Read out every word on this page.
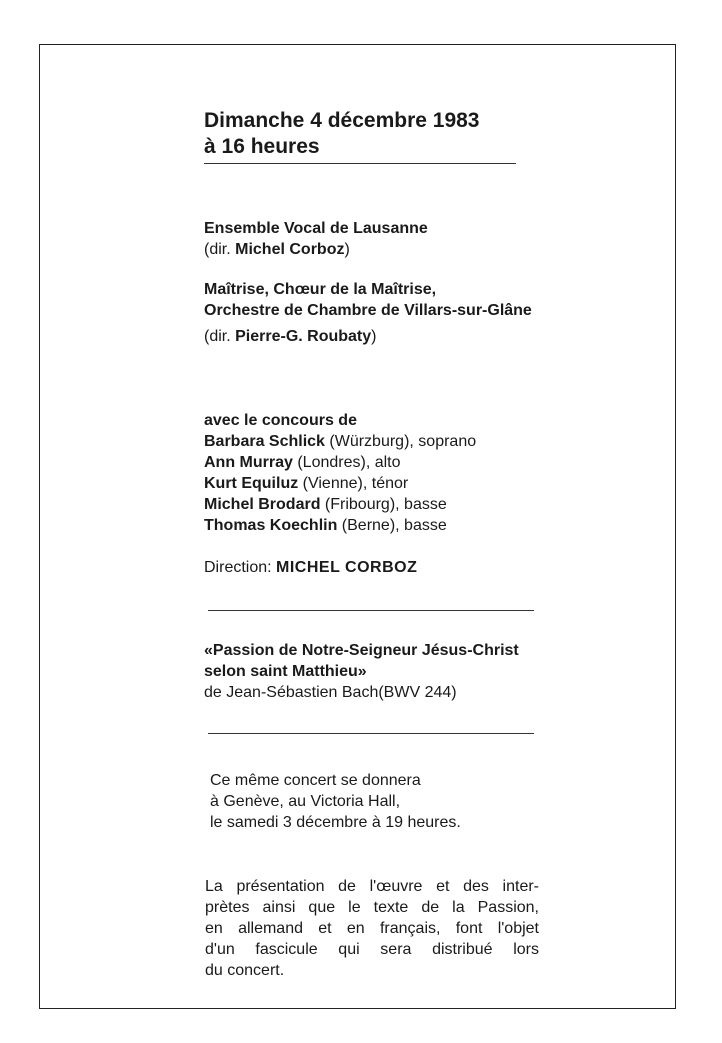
Dimanche 4 décembre 1983
à 16 heures
Ensemble Vocal de Lausanne
(dir. Michel Corboz)
Maîtrise, Chœur de la Maîtrise,
Orchestre de Chambre de Villars-sur-Glâne
(dir. Pierre-G. Roubaty)
avec le concours de
Barbara Schlick (Würzburg), soprano
Ann Murray (Londres), alto
Kurt Equiluz (Vienne), ténor
Michel Brodard (Fribourg), basse
Thomas Koechlin (Berne), basse
Direction: MICHEL CORBOZ
«Passion de Notre-Seigneur Jésus-Christ
selon saint Matthieu»
de Jean-Sébastien Bach(BWV 244)
Ce même concert se donnera
à Genève, au Victoria Hall,
le samedi 3 décembre à 19 heures.
La présentation de l'œuvre et des inter-
prètes ainsi que le texte de la Passion,
en allemand et en français, font l'objet
d'un fascicule qui sera distribué lors
du concert.
